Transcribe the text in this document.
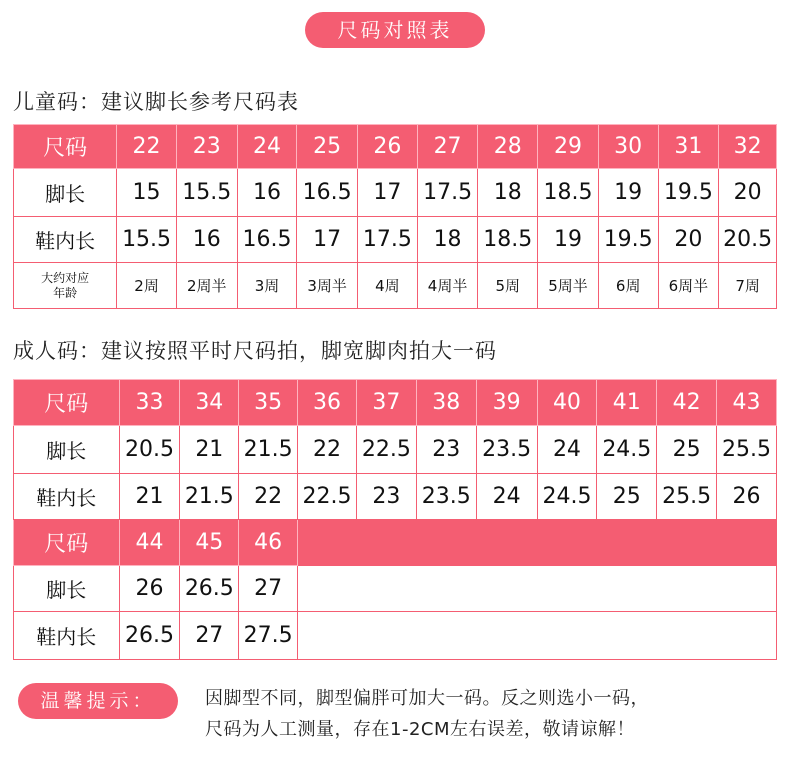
尺码对照表
儿童码：建议脚长参考尺码表
尺码	22	23	24	25	26	27	28	29	30	31	32
脚长	15	15.5	16	16.5	17	17.5	18	18.5	19	19.5	20
鞋内长	15.5	16	16.5	17	17.5	18	18.5	19	19.5	20	20.5

大约对应
年龄	2周	2周半	3周	3周半	4周	4周半	5周	5周半	6周	6周半	7周
成人码：建议按照平时尺码拍，脚宽脚肉拍大一码
尺码	33	34	35	36	37	38	39	40	41	42	43
脚长	20.5	21	21.5	22	22.5	23	23.5	24	24.5	25	25.5
鞋内长	21	21.5	22	22.5	23	23.5	24	24.5	25	25.5	26
尺码	44	45	46								
脚长	26	26.5	27								
鞋内长	26.5	27	27.5								
温馨提示：	因脚型不同，脚型偏胖可加大一码。反之则选小一码，
尺码为人工测量，存在1-2CM左右误差，敬请谅解！
